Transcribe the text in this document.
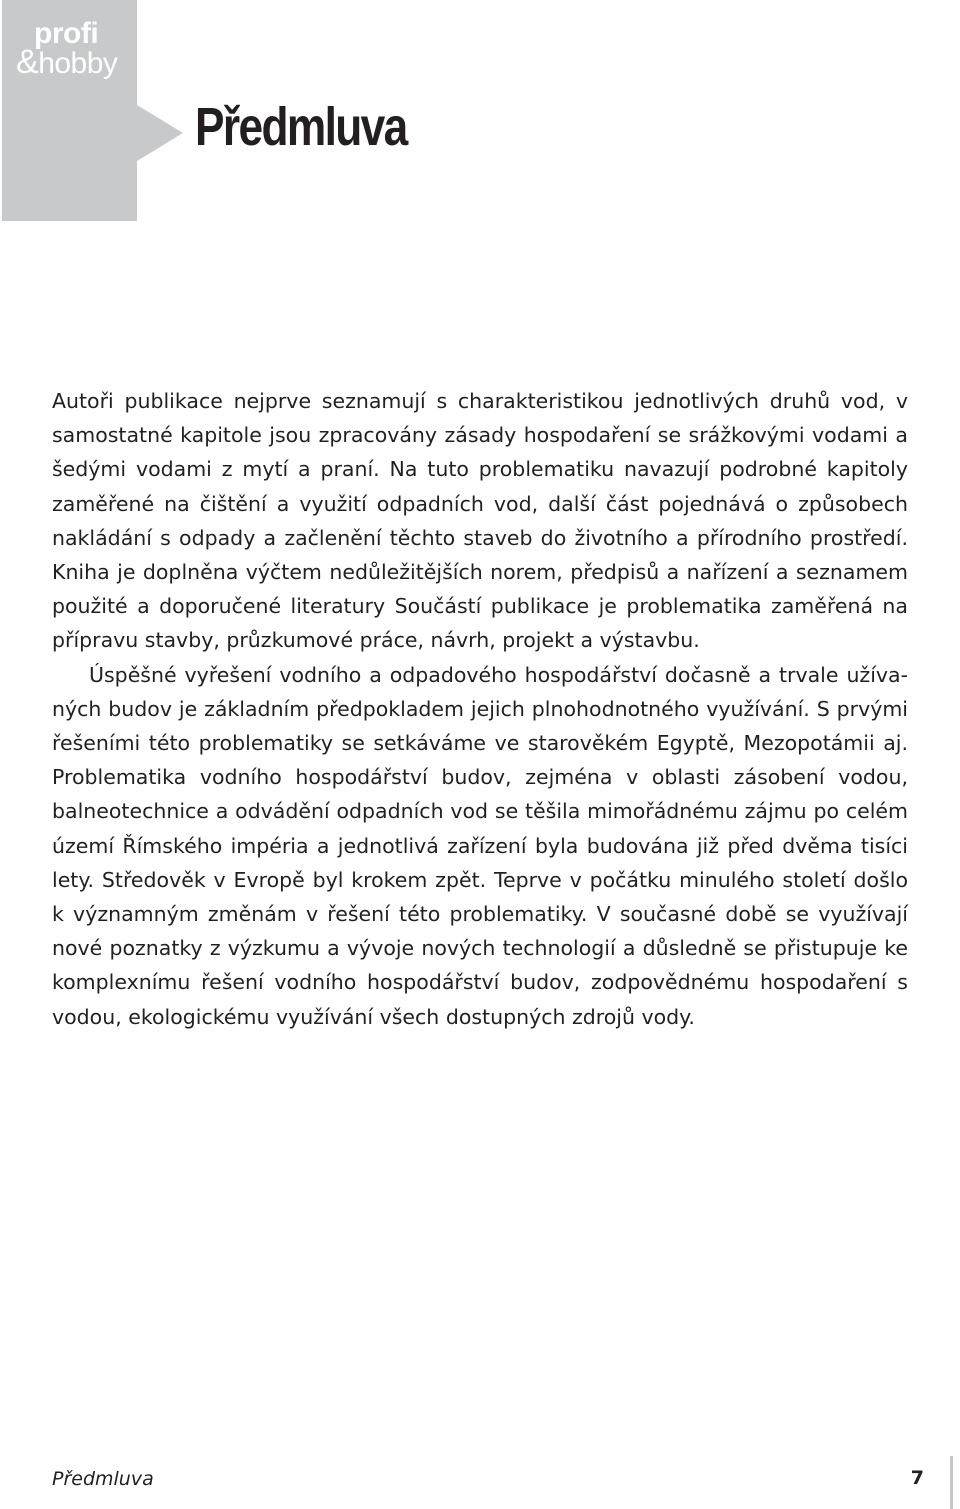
profi
&hobby
Předmluva

Autoři publikace nejprve seznamují s charakteristikou jednotlivých druhů vod, v samostatné kapitole jsou zpracovány zásady hospodaření se srážkovými vodami a šedými vodami z mytí a praní. Na tuto problematiku navazují podrobné kapitoly zaměřené na čištění a využití odpadních vod, další část pojednává o způsobech nakládání s odpady a začlenění těchto staveb do životního a přírodního prostředí. Kniha je doplněna výčtem nedůležitějších norem, předpisů a nařízení a seznamem použité a doporučené literatury Součástí publikace je problematika zaměřená na přípravu stavby, průzkumové práce, návrh, projekt a výstavbu.

Úspěšné vyřešení vodního a odpadového hospodářství dočasně a trvale užívaných budov je základním předpokladem jejich plnohodnotného využívání. S prvými řešeními této problematiky se setkáváme ve starověkém Egyptě, Mezopotámii aj. Problematika vodního hospodářství budov, zejména v oblasti zásobení vodou, balneotechnice a odvádění odpadních vod se těšila mimořádnému zájmu po celém území Římského impéria a jednotlivá zařízení byla budována již před dvěma tisíci lety. Středověk v Evropě byl krokem zpět. Teprve v počátku minulého století došlo k významným změnám v řešení této problematiky. V současné době se využívají nové poznatky z výzkumu a vývoje nových technologií a důsledně se přistupuje ke komplexnímu řešení vodního hospodářství budov, zodpovědnému hospodaření s vodou, ekologickému využívání všech dostupných zdrojů vody.

Předmluva	7
